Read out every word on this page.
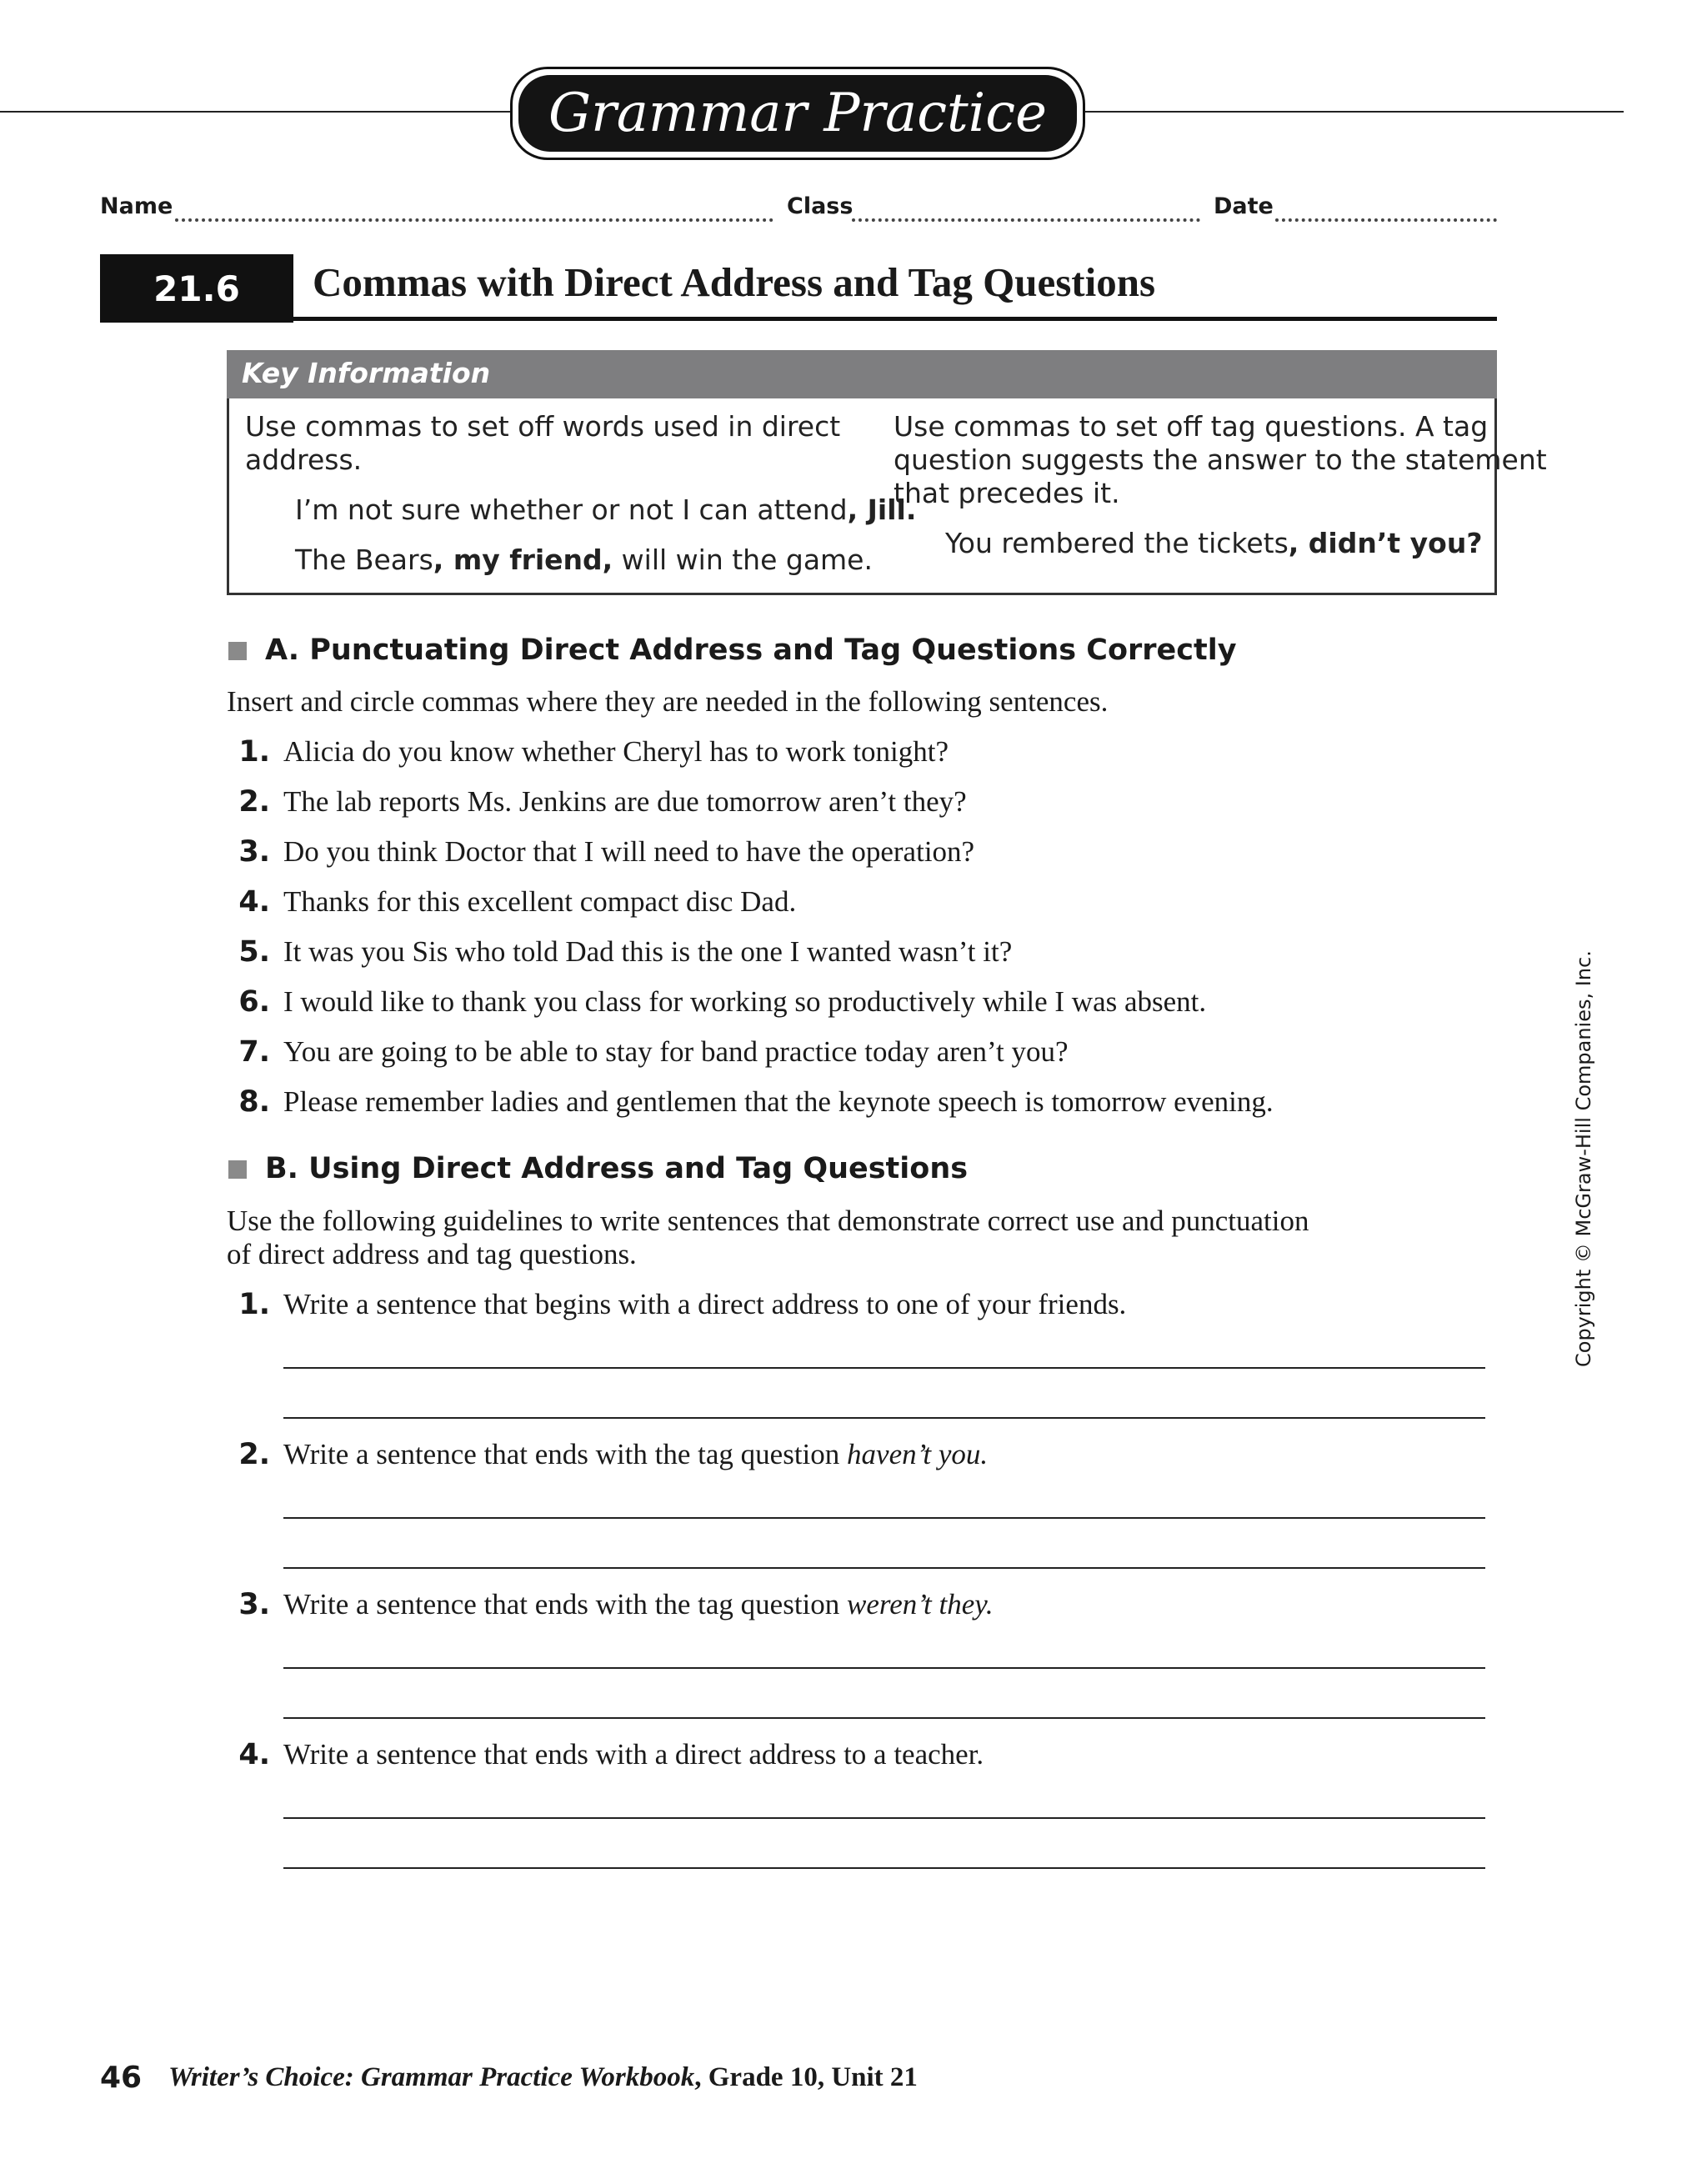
Grammar Practice
Name	Class	Date
21.6	Commas with Direct Address and Tag Questions
Key Information
Use commas to set off words used in direct
address.
I’m not sure whether or not I can attend, Jill.
The Bears, my friend, will win the game.
Use commas to set off tag questions. A tag
question suggests the answer to the statement
that precedes it.
You rembered the tickets, didn’t you?
A. Punctuating Direct Address and Tag Questions Correctly
Insert and circle commas where they are needed in the following sentences.
1. Alicia do you know whether Cheryl has to work tonight?
2. The lab reports Ms. Jenkins are due tomorrow aren’t they?
3. Do you think Doctor that I will need to have the operation?
4. Thanks for this excellent compact disc Dad.
5. It was you Sis who told Dad this is the one I wanted wasn’t it?
6. I would like to thank you class for working so productively while I was absent.
7. You are going to be able to stay for band practice today aren’t you?
8. Please remember ladies and gentlemen that the keynote speech is tomorrow evening.
B. Using Direct Address and Tag Questions
Use the following guidelines to write sentences that demonstrate correct use and punctuation
of direct address and tag questions.
1. Write a sentence that begins with a direct address to one of your friends.
2. Write a sentence that ends with the tag question haven’t you.
3. Write a sentence that ends with the tag question weren’t they.
4. Write a sentence that ends with a direct address to a teacher.
Copyright © McGraw-Hill Companies, Inc.
46 Writer’s Choice: Grammar Practice Workbook, Grade 10, Unit 21
